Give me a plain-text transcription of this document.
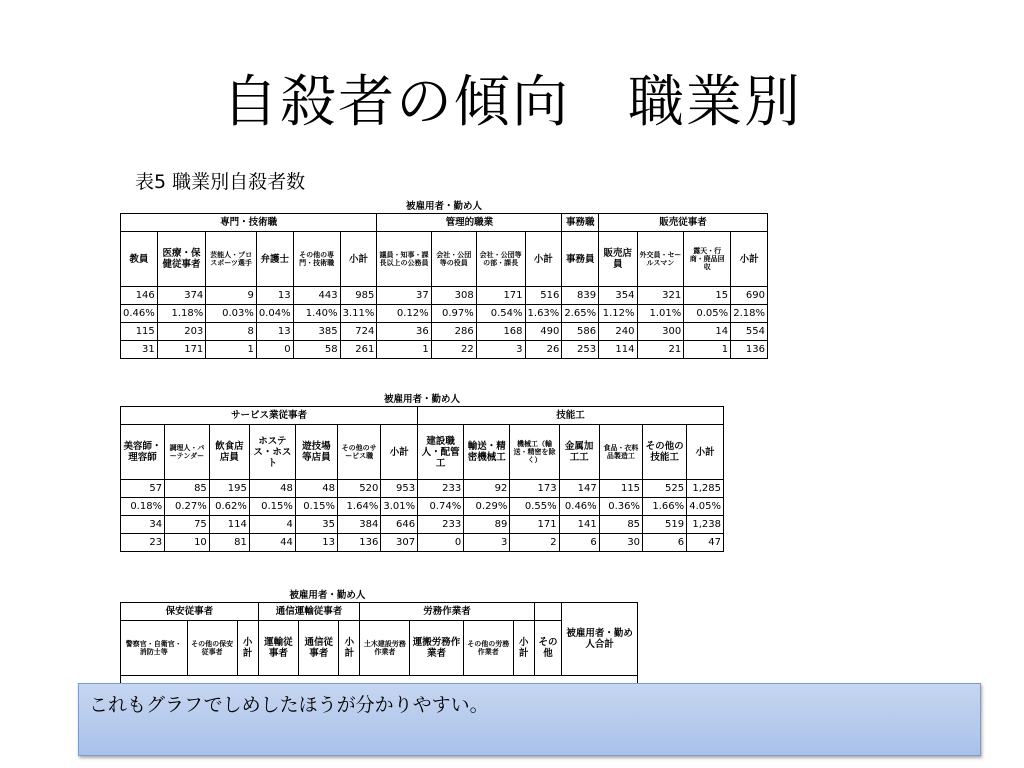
自殺者の傾向　職業別
表5 職業別自殺者数
被雇用者・勤め人														
専門・技術職						管理的職業				事務職	販売従事者			
教員	医療・保健従事者	芸能人・プロスポーツ選手	弁護士	その他の専門・技術職	小計	議員・知事・課長以上の公務員	会社・公団等の役員	会社・公団等の部・課長	小計	事務員	販売店員	外交員・セールスマン	露天・行商・廃品回収	小計
146	374	9	13	443	985	37	308	171	516	839	354	321	15	690
0.46%	1.18%	0.03%	0.04%	1.40%	3.11%	0.12%	0.97%	0.54%	1.63%	2.65%	1.12%	1.01%	0.05%	2.18%
115	203	8	13	385	724	36	286	168	490	586	240	300	14	554
31	171	1	0	58	261	1	22	3	26	253	114	21	1	136
被雇用者・勤め人													
サービス業従事者							技能工						
美容師・理容師	調理人・バーテンダー	飲食店店員	ホステス・ホスト	遊技場等店員	その他のサービス職	小計	建設職人・配管工	輸送・精密機械工	機械工（輸送・精密を除く）	金属加工工	食品・衣料品製造工	その他の技能工	小計
57	85	195	48	48	520	953	233	92	173	147	115	525	1,285
0.18%	0.27%	0.62%	0.15%	0.15%	1.64%	3.01%	0.74%	0.29%	0.55%	0.46%	0.36%	1.66%	4.05%
34	75	114	4	35	384	646	233	89	171	141	85	519	1,238
23	10	81	44	13	136	307	0	3	2	6	30	6	47
被雇用者・勤め人											
保安従事者			通信運輸従事者			労務作業者					被雇用者・勤め人合計
警察官・自衛官・消防士等	その他の保安従事者	小計	運輸従事者	通信従事者	小計	土木建設労務作業者	運搬労務作業者	その他の労務作業者	小計	その他	

これもグラフでしめしたほうが分かりやすい。
